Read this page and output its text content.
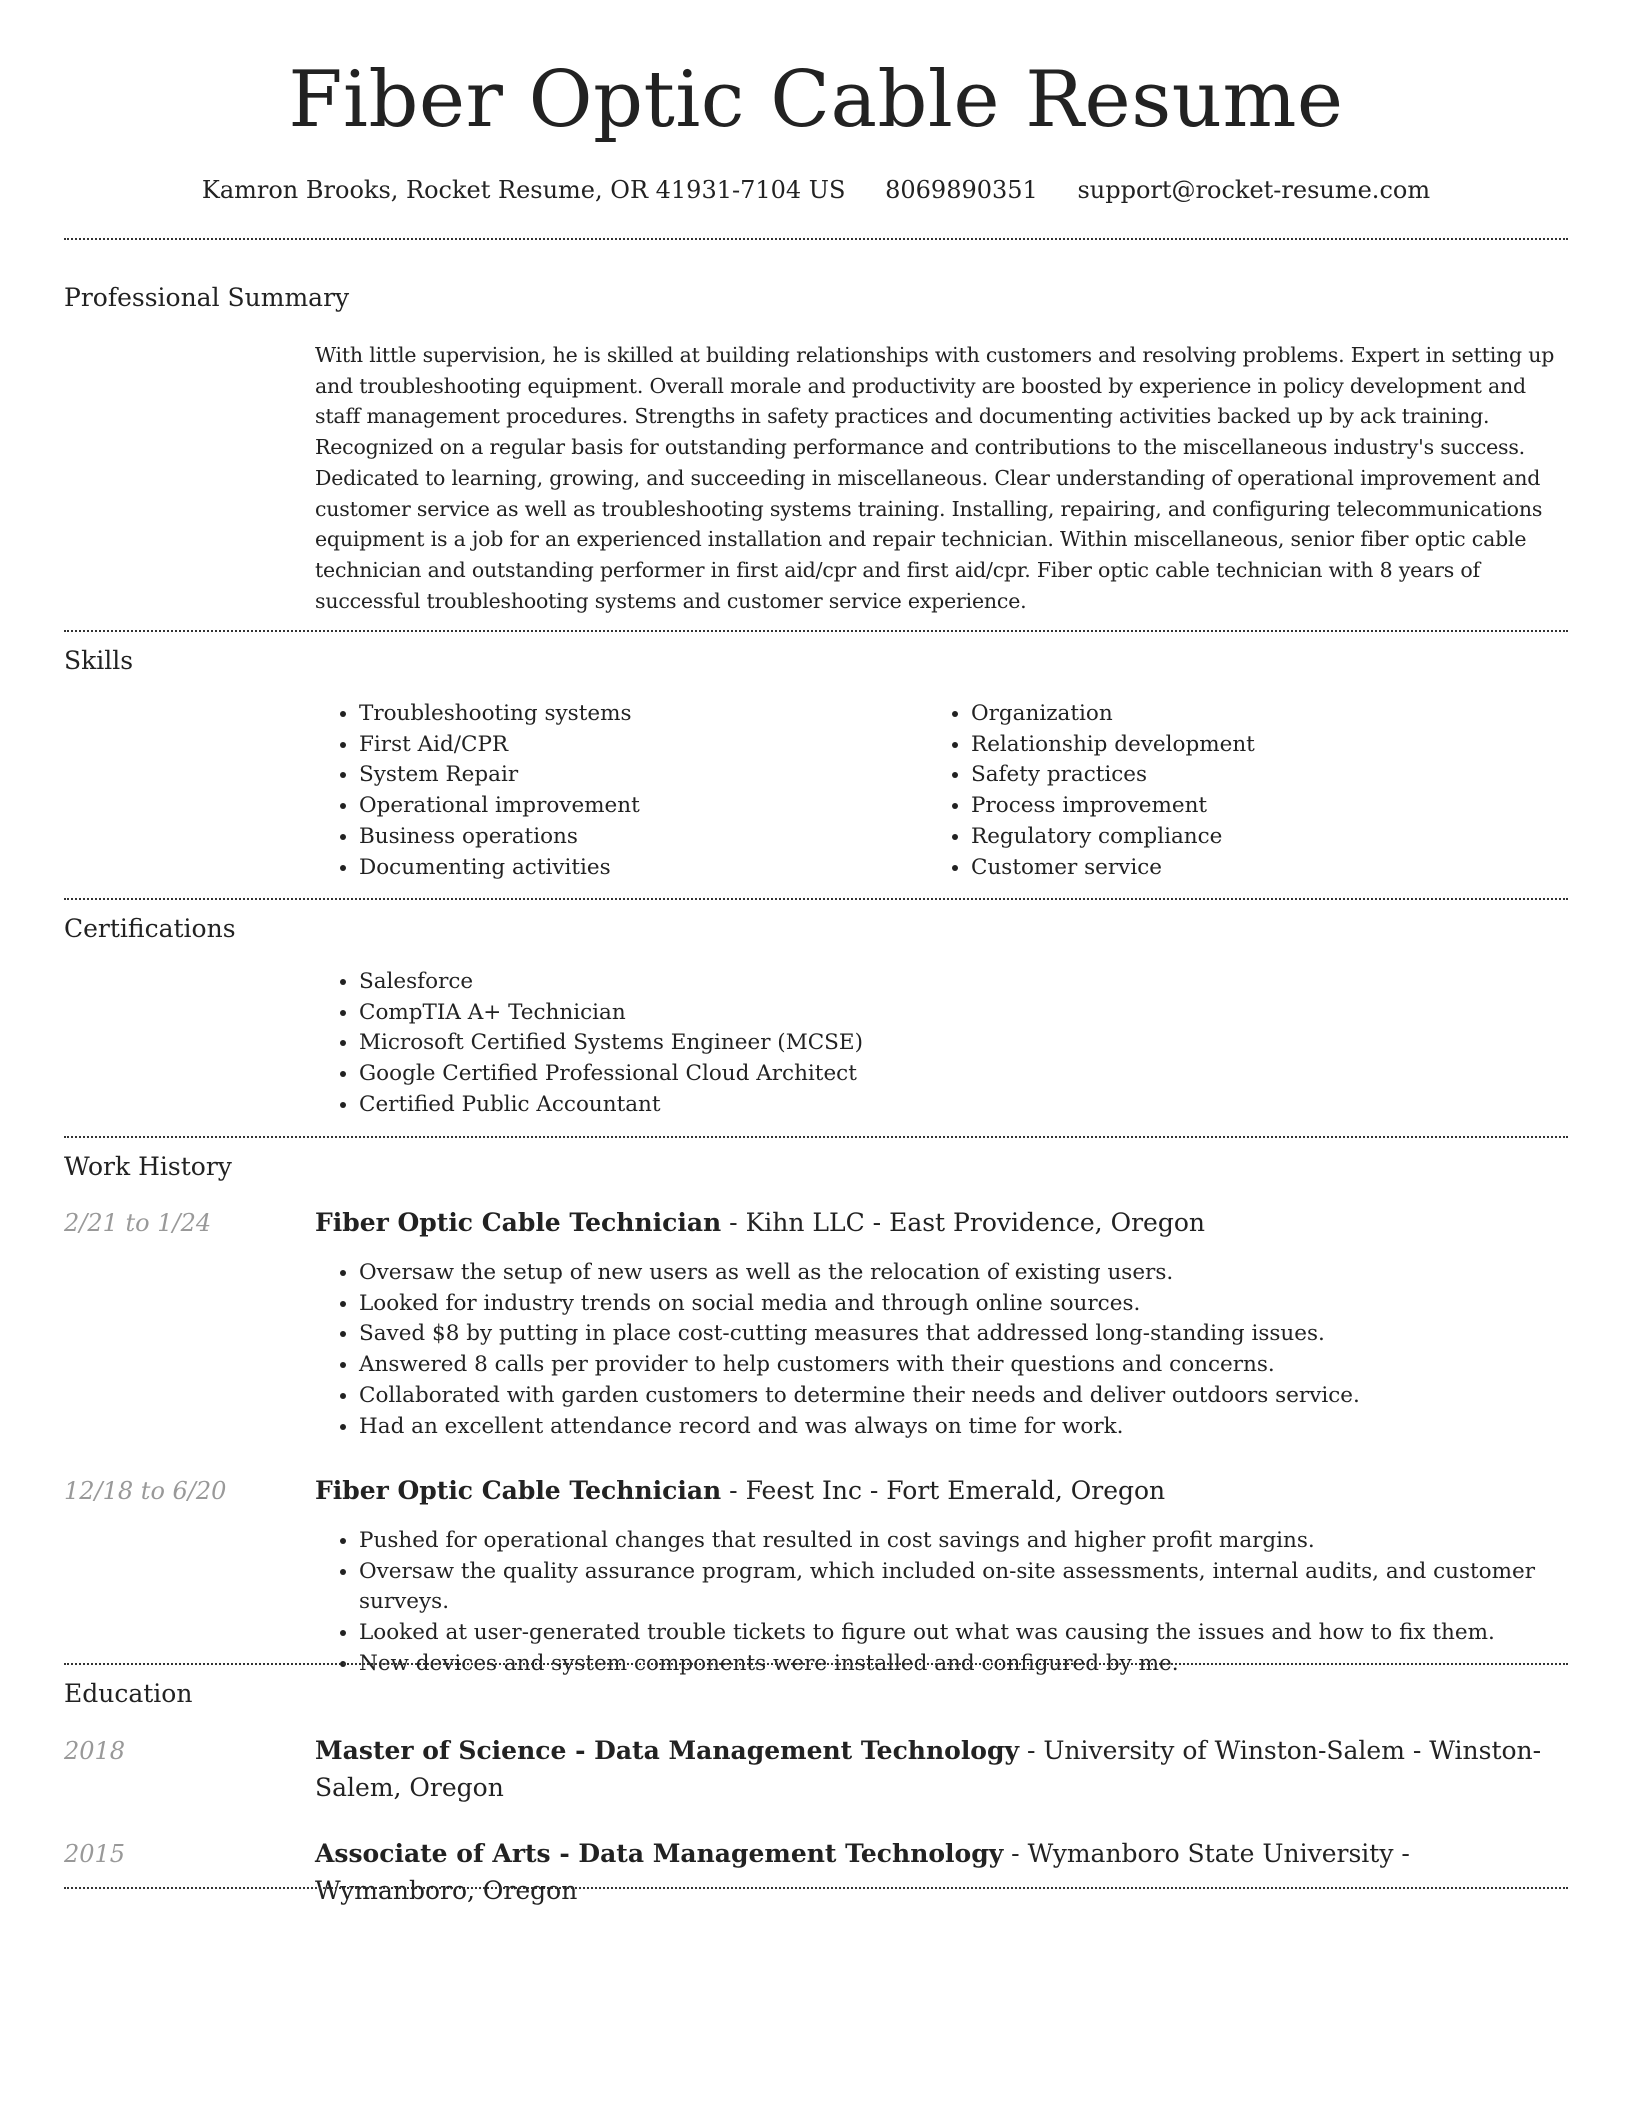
Fiber Optic Cable Resume
Kamron Brooks, Rocket Resume, OR 41931-7104 US 8069890351 support@rocket-resume.com
Professional Summary

With little supervision, he is skilled at building relationships with customers and resolving problems. Expert in setting up and troubleshooting equipment. Overall morale and productivity are boosted by experience in policy development and staff management procedures. Strengths in safety practices and documenting activities backed up by ack training. Recognized on a regular basis for outstanding performance and contributions to the miscellaneous industry's success. Dedicated to learning, growing, and succeeding in miscellaneous. Clear understanding of operational improvement and customer service as well as troubleshooting systems training. Installing, repairing, and configuring telecommunications equipment is a job for an experienced installation and repair technician. Within miscellaneous, senior fiber optic cable technician and outstanding performer in first aid/cpr and first aid/cpr. Fiber optic cable technician with 8 years of successful troubleshooting systems and customer service experience.

Skills
• Troubleshooting systems
• First Aid/CPR
• System Repair
• Operational improvement
• Business operations
• Documenting activities
• Organization
• Relationship development
• Safety practices
• Process improvement
• Regulatory compliance
• Customer service
Certifications
• Salesforce
• CompTIA A+ Technician
• Microsoft Certified Systems Engineer (MCSE)
• Google Certified Professional Cloud Architect
• Certified Public Accountant
Work History
2/21 to 1/24	Fiber Optic Cable Technician - Kihn LLC - East Providence, Oregon
• Oversaw the setup of new users as well as the relocation of existing users.
• Looked for industry trends on social media and through online sources.
• Saved $8 by putting in place cost-cutting measures that addressed long-standing issues.
• Answered 8 calls per provider to help customers with their questions and concerns.
• Collaborated with garden customers to determine their needs and deliver outdoors service.
• Had an excellent attendance record and was always on time for work.
12/18 to 6/20	Fiber Optic Cable Technician - Feest Inc - Fort Emerald, Oregon
• Pushed for operational changes that resulted in cost savings and higher profit margins.
• Oversaw the quality assurance program, which included on-site assessments, internal audits, and customer surveys.
• Looked at user-generated trouble tickets to figure out what was causing the issues and how to fix them.
• New devices and system components were installed and configured by me.
Education
2018	Master of Science - Data Management Technology - University of Winston-Salem - Winston-Salem, Oregon
2015	Associate of Arts - Data Management Technology - Wymanboro State University - Wymanboro, Oregon
